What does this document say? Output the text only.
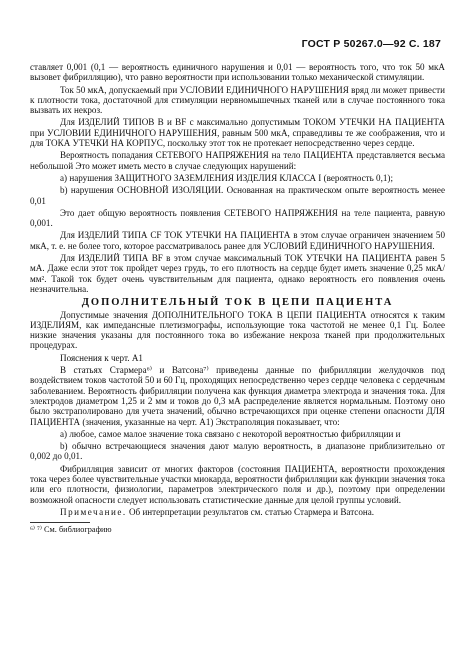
ГОСТ Р 50267.0—92 С. 187

ставляет 0,001 (0,1 — вероятность единичного нарушения и 0,01 — вероятность того, что ток 50 мкА вызовет фибрилляцию), что равно вероятности при использовании только механической стимуляции.

Ток 50 мкА, допускаемый при УСЛОВИИ ЕДИНИЧНОГО НАРУШЕНИЯ вряд ли может привести к плотности тока, достаточной для стимуляции нервномышечных тканей или в случае постоянного тока вызвать их некроз.

Для ИЗДЕЛИЙ ТИПОВ В и BF с максимально допустимым ТОКОМ УТЕЧКИ НА ПАЦИЕНТА при УСЛОВИИ ЕДИНИЧНОГО НАРУШЕНИЯ, равным 500 мкА, справедливы те же соображения, что и для ТОКА УТЕЧКИ НА КОРПУС, поскольку этот ток не протекает непосредственно через сердце.

Вероятность попадания СЕТЕВОГО НАПРЯЖЕНИЯ на тело ПАЦИЕНТА представляется весьма небольшой Это может иметь место в случае следующих нарушений:

а) нарушения ЗАЩИТНОГО ЗАЗЕМЛЕНИЯ ИЗДЕЛИЯ КЛАССА I (вероятность 0,1);

b) нарушения ОСНОВНОЙ ИЗОЛЯЦИИ. Основанная на практическом опыте вероятность менее 0,01

Это дает общую вероятность появления СЕТЕВОГО НАПРЯЖЕНИЯ на теле пациента, равную 0,001.

Для ИЗДЕЛИЙ ТИПА CF ТОК УТЕЧКИ НА ПАЦИЕНТА в этом случае ограничен значением 50 мкА, т. е. не более того, которое рассматривалось ранее для УСЛОВИЙ ЕДИНИЧНОГО НАРУШЕНИЯ.

Для ИЗДЕЛИЙ ТИПА BF в этом случае максимальный ТОК УТЕЧКИ НА ПАЦИЕНТА равен 5 мА. Даже если этот ток пройдет через грудь, то его плотность на сердце будет иметь значение 0,25 мкА/мм². Такой ток будет очень чувствительным для пациента, однако вероятность его появления очень незначительна.

ДОПОЛНИТЕЛЬНЫЙ ТОК В ЦЕПИ ПАЦИЕНТА

Допустимые значения ДОПОЛНИТЕЛЬНОГО ТОКА В ЦЕПИ ПАЦИЕНТА относятся к таким ИЗДЕЛИЯМ, как импедансные плетизмографы, использующие тока частотой не менее 0,1 Гц. Более низкие значения указаны для постоянного тока во избежание некроза тканей при продолжительных процедурах.

Пояснения к черт. А1

В статьях Стармера⁶⁾ и Ватсона⁷⁾ приведены данные по фибрилляции желудочков под воздействием токов частотой 50 и 60 Гц, проходящих непосредственно через сердце человека с сердечным заболеванием. Вероятность фибрилляции получена как функция диаметра электрода и значения тока. Для электродов диаметром 1,25 и 2 мм и токов до 0,3 мА распределение является нормальным. Поэтому оно было экстраполировано для учета значений, обычно встречающихся при оценке степени опасности ДЛЯ ПАЦИЕНТА (значения, указанные на черт. А1) Экстраполяция показывает, что:

а) любое, самое малое значение тока связано с некоторой вероятностью фибрилляции и

b) обычно встречающиеся значения дают малую вероятность, в диапазоне приблизительно от 0,002 до 0,01.

Фибрилляция зависит от многих факторов (состояния ПАЦИЕНТА, вероятности прохождения тока через более чувствительные участки миокарда, вероятности фибрилляции как функции значения тока или его плотности, физиологии, параметров электрического поля и др.), поэтому при определении возможной опасности следует использовать статистические данные для целой группы условий.

Примечание. Об интерпретации результатов см. статью Стармера и Ватсона.

⁶⁾ ⁷⁾ См. библиографию
